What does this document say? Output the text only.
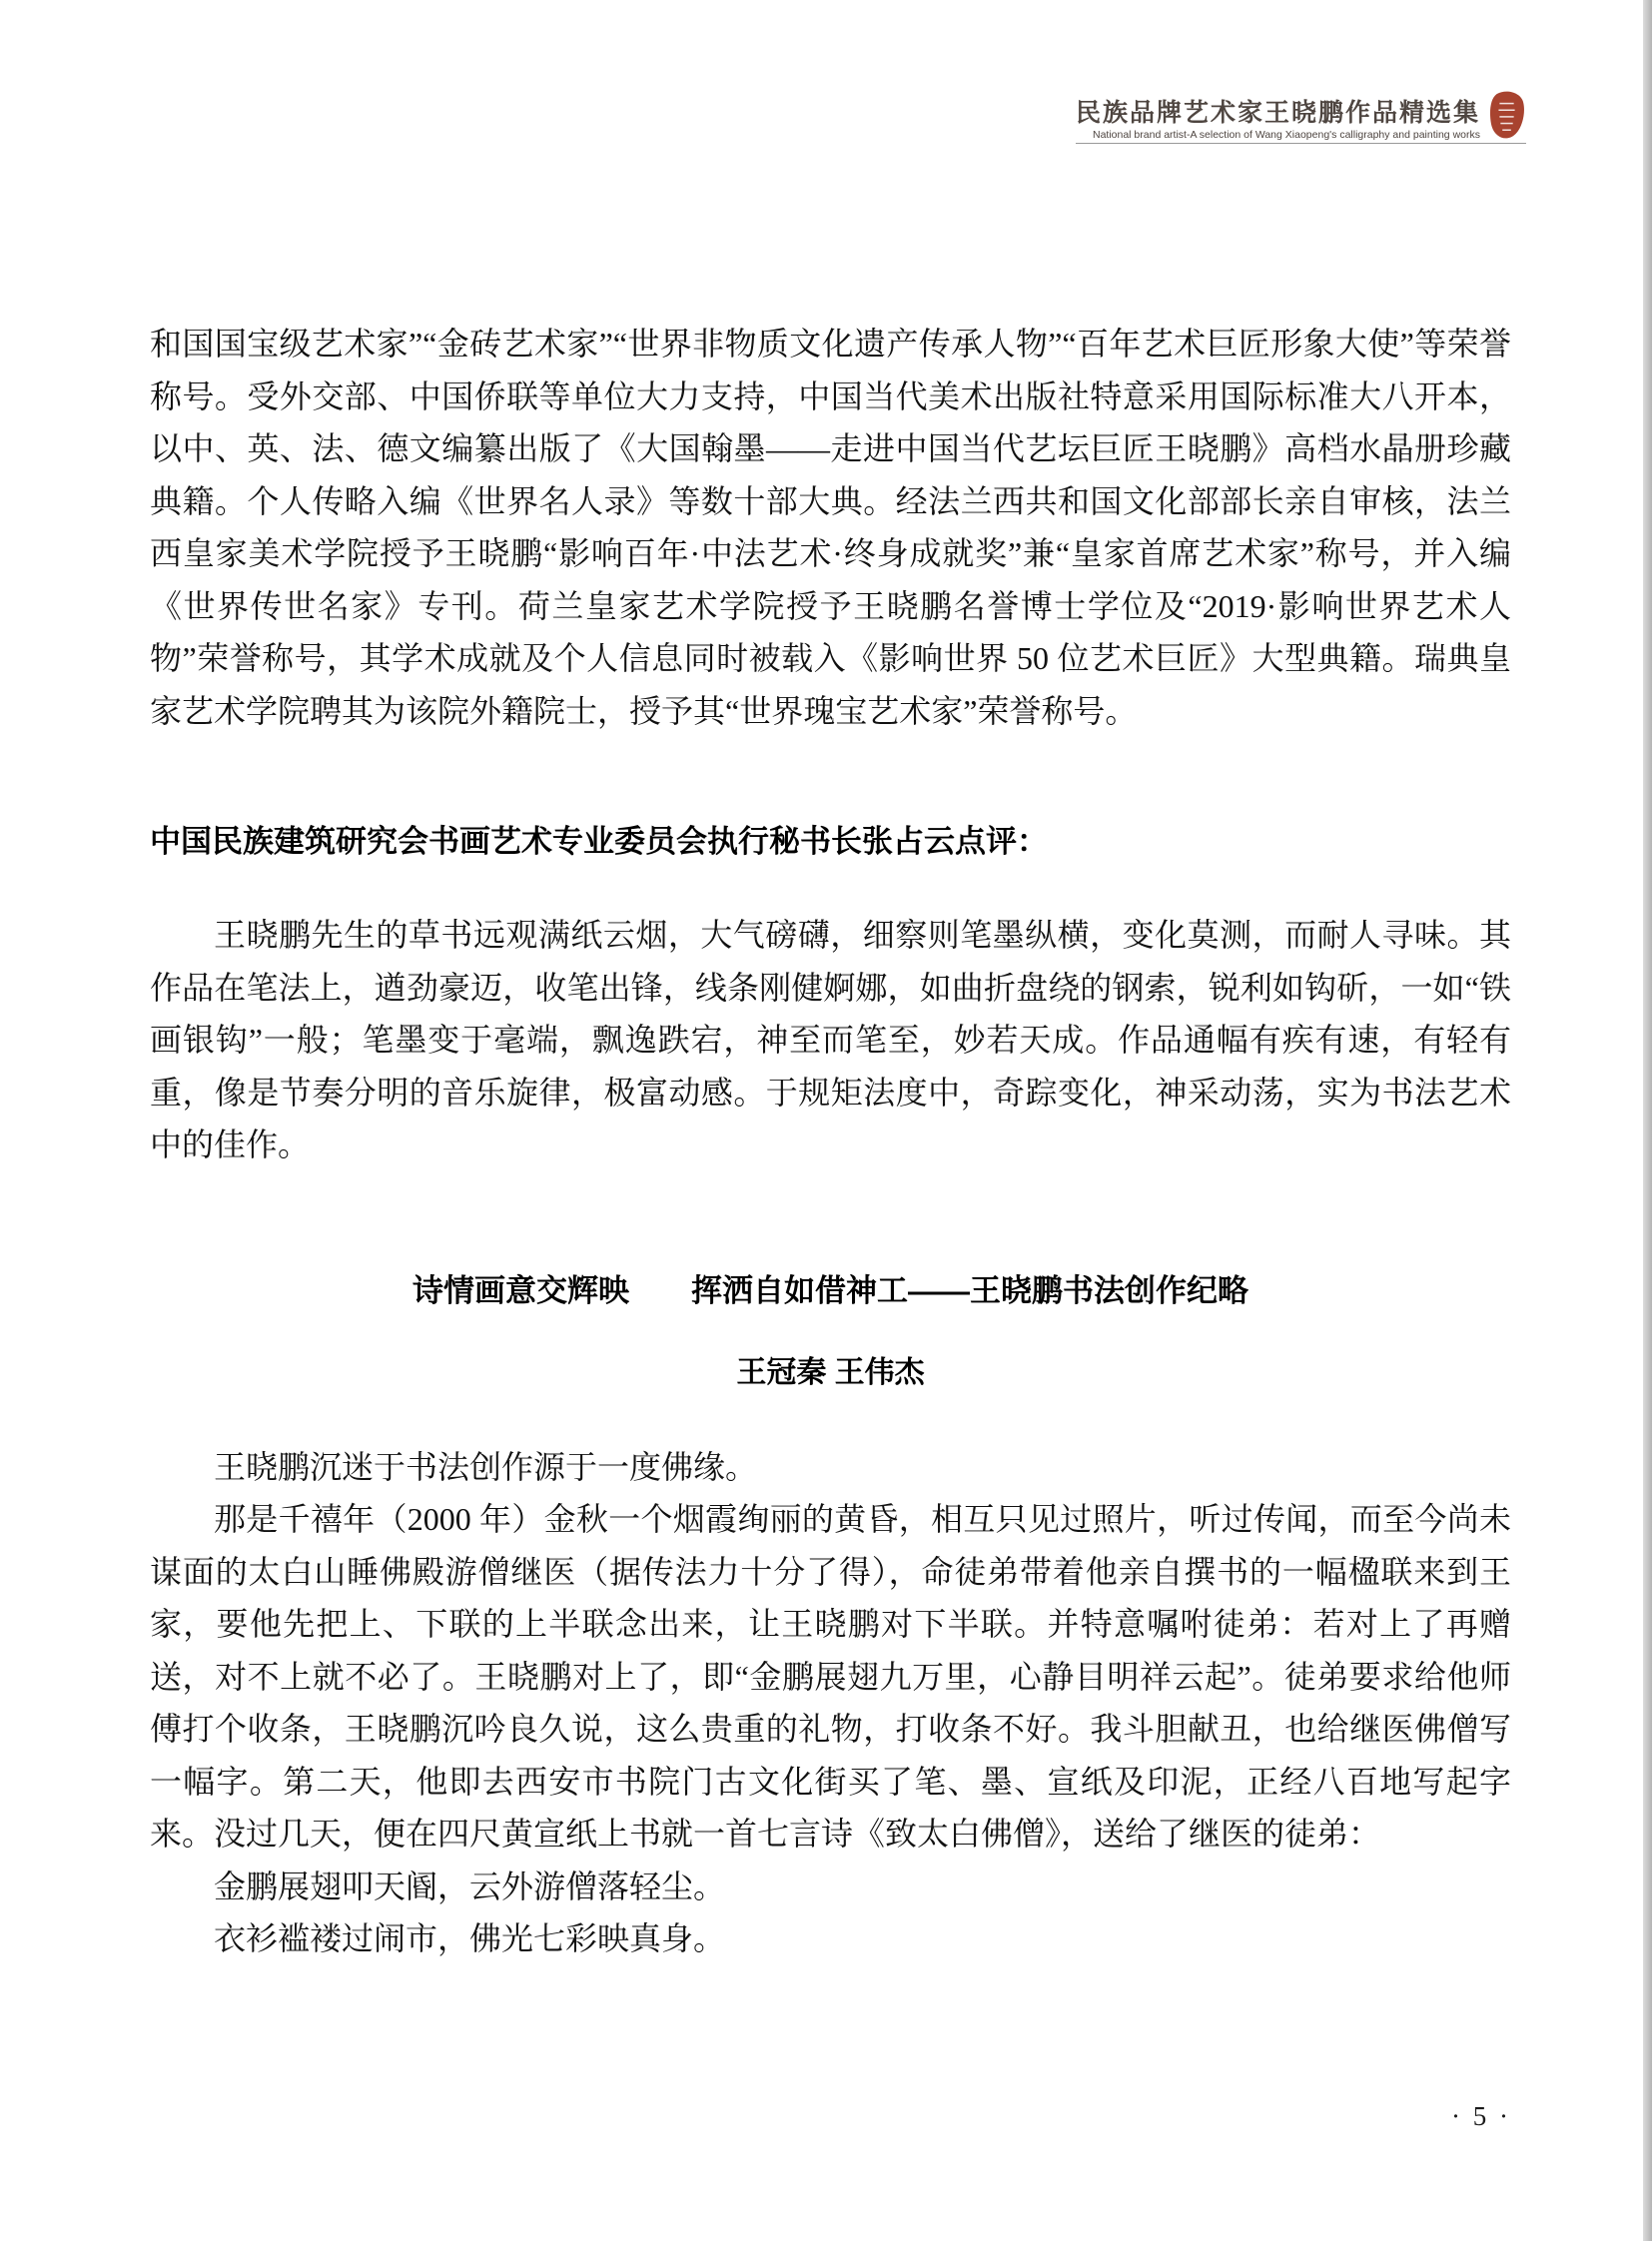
民族品牌艺术家王晓鹏作品精选集
National brand artist-A selection of Wang Xiaopeng's calligraphy and painting works

和国国宝级艺术家”“金砖艺术家”“世界非物质文化遗产传承人物”“百年艺术巨匠形象大使”等荣誉称号。受外交部、中国侨联等单位大力支持，中国当代美术出版社特意采用国际标准大八开本，以中、英、法、德文编纂出版了《大国翰墨——走进中国当代艺坛巨匠王晓鹏》高档水晶册珍藏典籍。个人传略入编《世界名人录》等数十部大典。经法兰西共和国文化部部长亲自审核，法兰西皇家美术学院授予王晓鹏“影响百年·中法艺术·终身成就奖”兼“皇家首席艺术家”称号，并入编《世界传世名家》专刊。荷兰皇家艺术学院授予王晓鹏名誉博士学位及“2019·影响世界艺术人物”荣誉称号，其学术成就及个人信息同时被载入《影响世界 50 位艺术巨匠》大型典籍。瑞典皇家艺术学院聘其为该院外籍院士，授予其“世界瑰宝艺术家”荣誉称号。

中国民族建筑研究会书画艺术专业委员会执行秘书长张占云点评：

王晓鹏先生的草书远观满纸云烟，大气磅礴，细察则笔墨纵横，变化莫测，而耐人寻味。其作品在笔法上，遒劲豪迈，收笔出锋，线条刚健婀娜，如曲折盘绕的钢索，锐利如钩斫，一如“铁画银钩”一般；笔墨变于毫端，飘逸跌宕，神至而笔至，妙若天成。作品通幅有疾有速，有轻有重，像是节奏分明的音乐旋律，极富动感。于规矩法度中，奇踪变化，神采动荡，实为书法艺术中的佳作。

诗情画意交辉映　　挥洒自如借神工——王晓鹏书法创作纪略
王冠秦 王伟杰

王晓鹏沉迷于书法创作源于一度佛缘。

那是千禧年（2000 年）金秋一个烟霞绚丽的黄昏，相互只见过照片，听过传闻，而至今尚未谋面的太白山睡佛殿游僧继医（据传法力十分了得），命徒弟带着他亲自撰书的一幅楹联来到王家，要他先把上、下联的上半联念出来，让王晓鹏对下半联。并特意嘱咐徒弟：若对上了再赠送，对不上就不必了。王晓鹏对上了，即“金鹏展翅九万里，心静目明祥云起”。徒弟要求给他师傅打个收条，王晓鹏沉吟良久说，这么贵重的礼物，打收条不好。我斗胆献丑，也给继医佛僧写一幅字。第二天，他即去西安市书院门古文化街买了笔、墨、宣纸及印泥，正经八百地写起字来。没过几天，便在四尺黄宣纸上书就一首七言诗《致太白佛僧》，送给了继医的徒弟：

金鹏展翅叩天阍，云外游僧落轻尘。
衣衫褴褛过闹市，佛光七彩映真身。
· 5 ·
